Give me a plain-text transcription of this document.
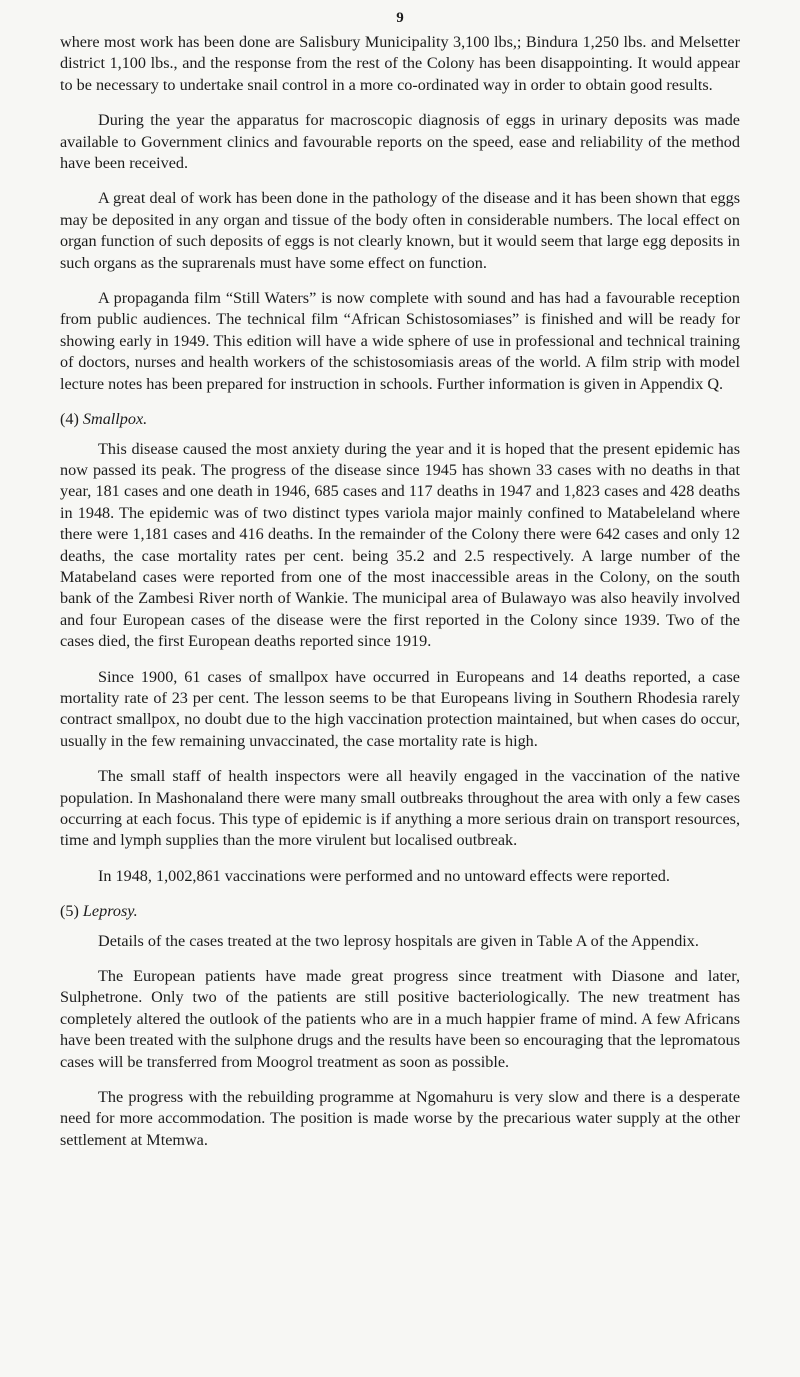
9

where most work has been done are Salisbury Municipality 3,100 lbs,; Bindura 1,250 lbs. and Melsetter district 1,100 lbs., and the response from the rest of the Colony has been disappointing. It would appear to be necessary to undertake snail control in a more co-ordinated way in order to obtain good results.

During the year the apparatus for macroscopic diagnosis of eggs in urinary deposits was made available to Government clinics and favourable reports on the speed, ease and reliability of the method have been received.

A great deal of work has been done in the pathology of the disease and it has been shown that eggs may be deposited in any organ and tissue of the body often in considerable numbers. The local effect on organ function of such deposits of eggs is not clearly known, but it would seem that large egg deposits in such organs as the suprarenals must have some effect on function.

A propaganda film “Still Waters” is now complete with sound and has had a favourable reception from public audiences. The technical film “African Schistosomiases” is finished and will be ready for showing early in 1949. This edition will have a wide sphere of use in professional and technical training of doctors, nurses and health workers of the schistosomiasis areas of the world. A film strip with model lecture notes has been prepared for instruction in schools. Further information is given in Appendix Q.

(4) Smallpox.

This disease caused the most anxiety during the year and it is hoped that the present epidemic has now passed its peak. The progress of the disease since 1945 has shown 33 cases with no deaths in that year, 181 cases and one death in 1946, 685 cases and 117 deaths in 1947 and 1,823 cases and 428 deaths in 1948. The epidemic was of two distinct types variola major mainly confined to Matabeleland where there were 1,181 cases and 416 deaths. In the remainder of the Colony there were 642 cases and only 12 deaths, the case mortality rates per cent. being 35.2 and 2.5 respectively. A large number of the Matabeland cases were reported from one of the most inaccessible areas in the Colony, on the south bank of the Zambesi River north of Wankie. The municipal area of Bulawayo was also heavily involved and four European cases of the disease were the first reported in the Colony since 1939. Two of the cases died, the first European deaths reported since 1919.

Since 1900, 61 cases of smallpox have occurred in Europeans and 14 deaths reported, a case mortality rate of 23 per cent. The lesson seems to be that Europeans living in Southern Rhodesia rarely contract smallpox, no doubt due to the high vaccination protection maintained, but when cases do occur, usually in the few remaining unvaccinated, the case mortality rate is high.

The small staff of health inspectors were all heavily engaged in the vaccination of the native population. In Mashonaland there were many small outbreaks throughout the area with only a few cases occurring at each focus. This type of epidemic is if anything a more serious drain on transport resources, time and lymph supplies than the more virulent but localised outbreak.

In 1948, 1,002,861 vaccinations were performed and no untoward effects were reported.

(5) Leprosy.

Details of the cases treated at the two leprosy hospitals are given in Table A of the Appendix.

The European patients have made great progress since treatment with Diasone and later, Sulphetrone. Only two of the patients are still positive bacteriologically. The new treatment has completely altered the outlook of the patients who are in a much happier frame of mind. A few Africans have been treated with the sulphone drugs and the results have been so encouraging that the lepromatous cases will be transferred from Moogrol treatment as soon as possible.

The progress with the rebuilding programme at Ngomahuru is very slow and there is a desperate need for more accommodation. The position is made worse by the precarious water supply at the other settlement at Mtemwa.
